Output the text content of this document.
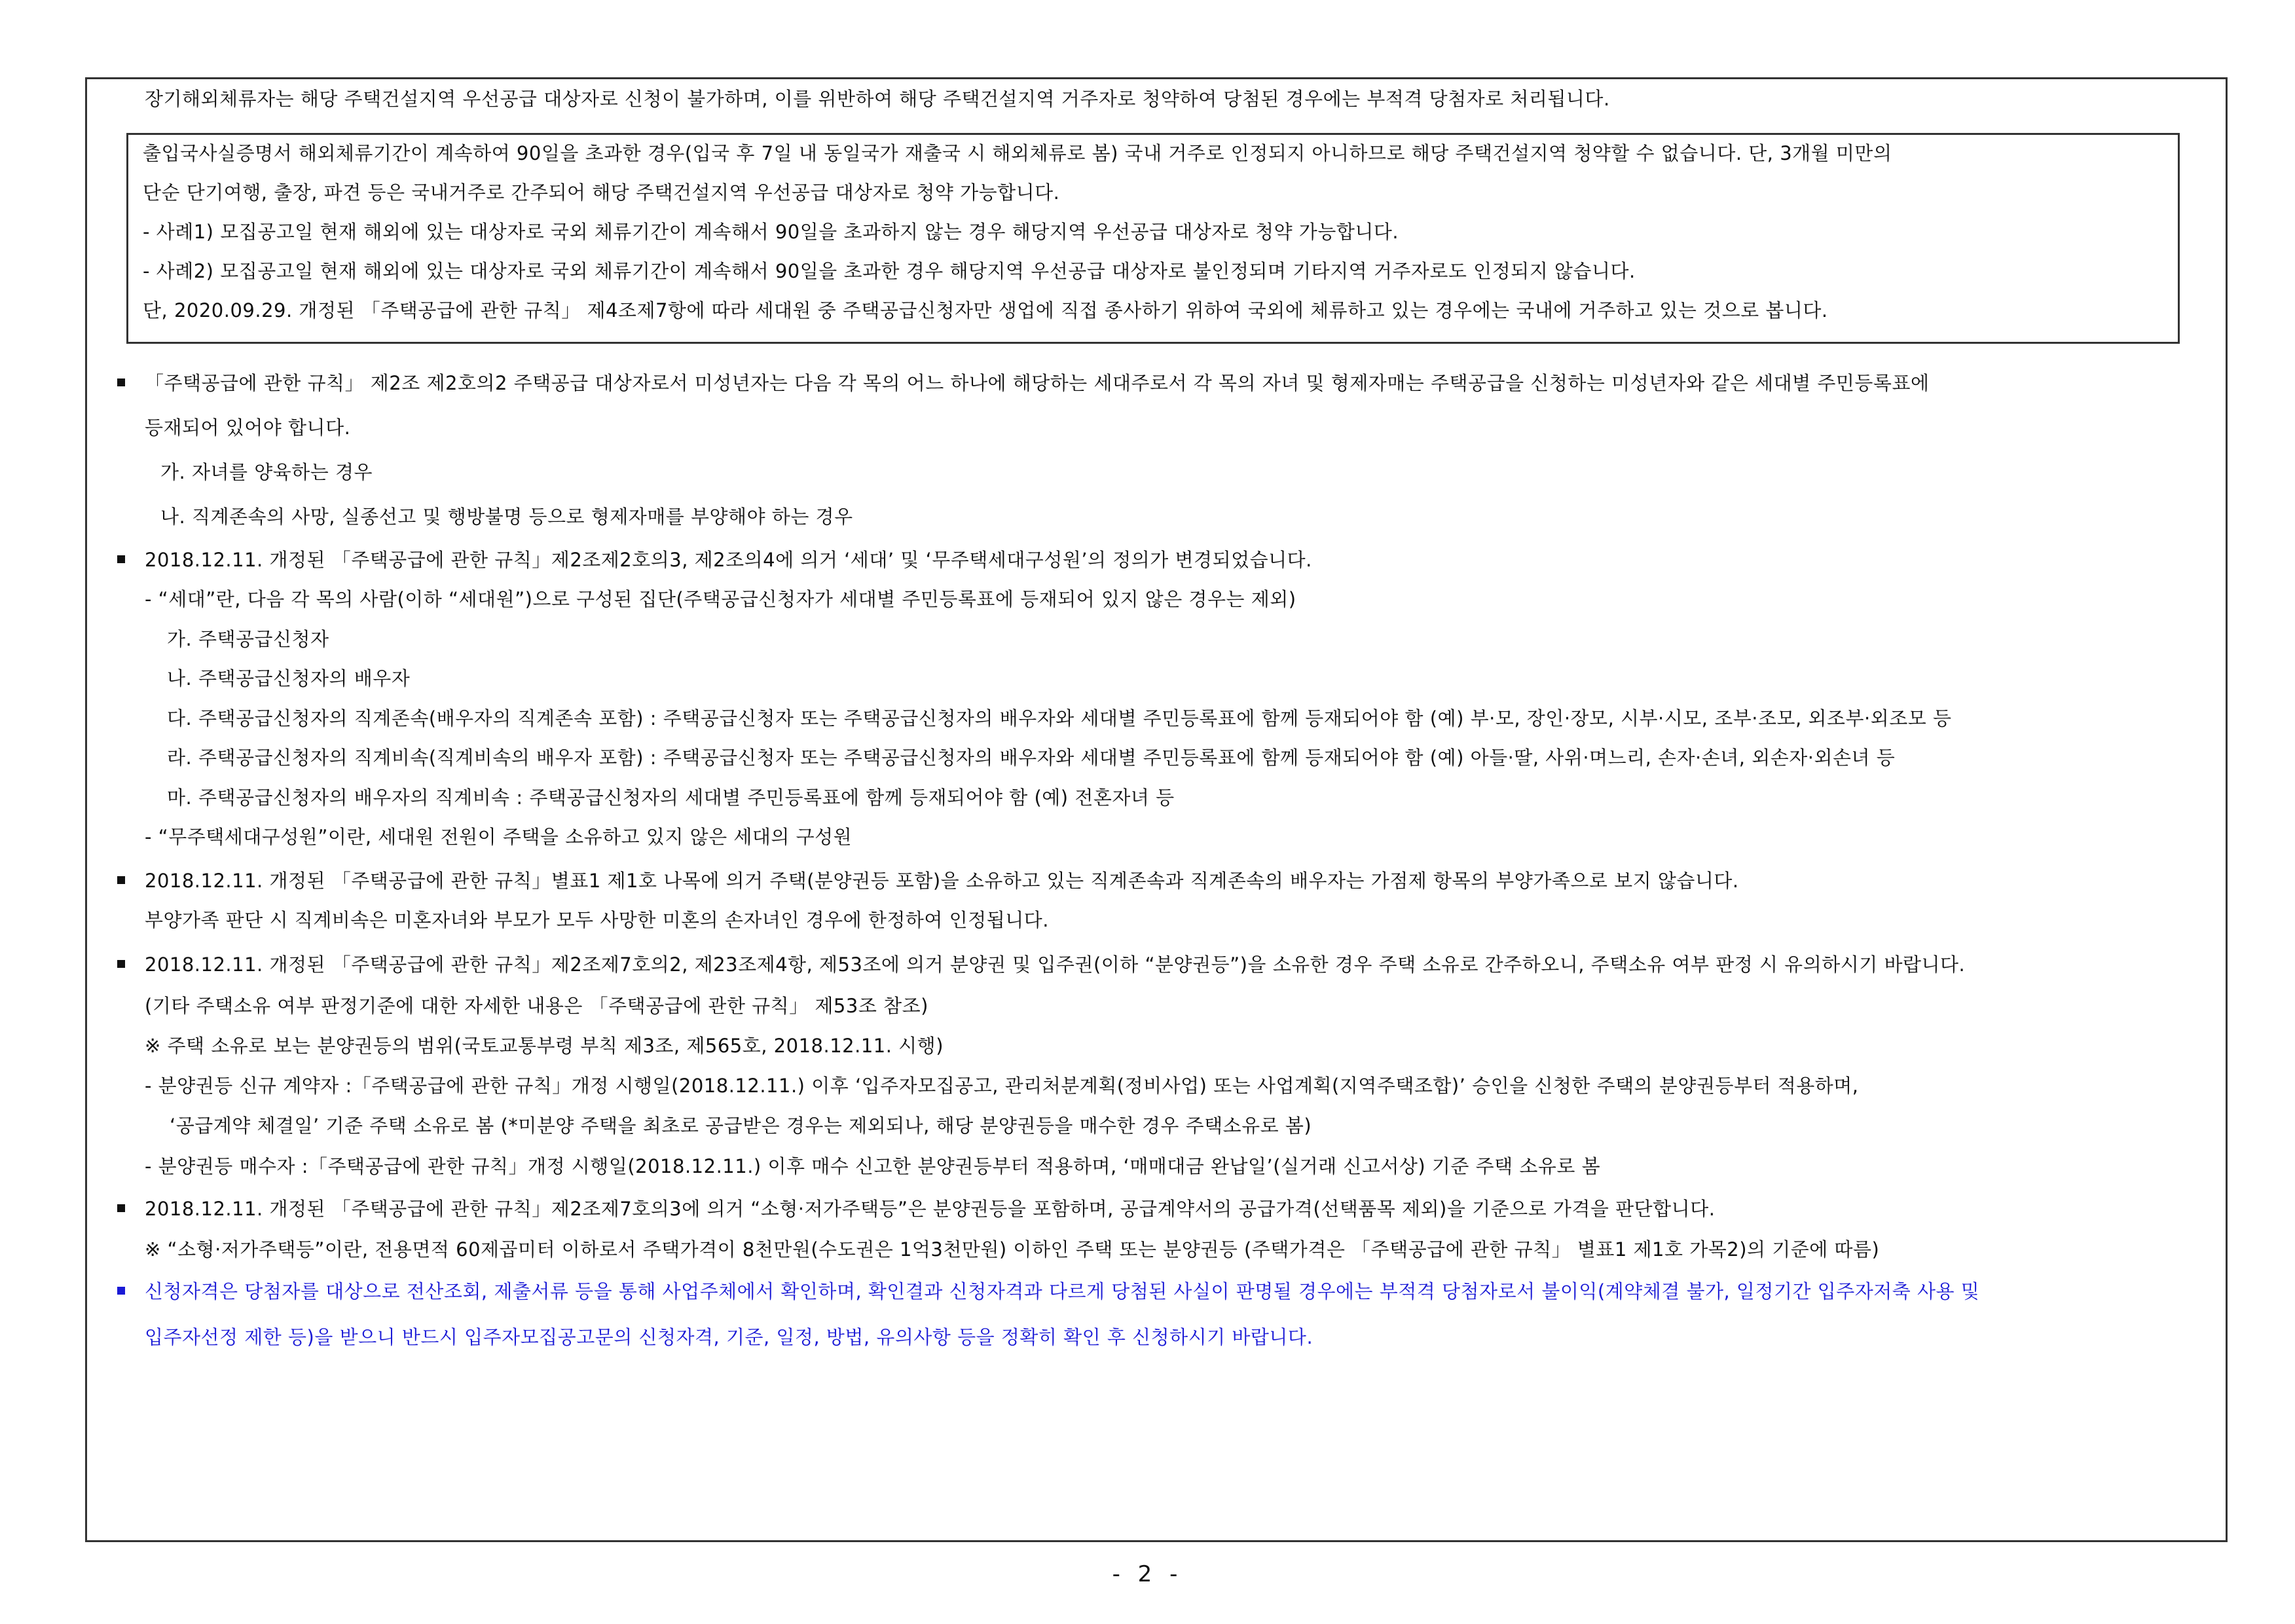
장기해외체류자는 해당 주택건설지역 우선공급 대상자로 신청이 불가하며, 이를 위반하여 해당 주택건설지역 거주자로 청약하여 당첨된 경우에는 부적격 당첨자로 처리됩니다.
출입국사실증명서 해외체류기간이 계속하여 90일을 초과한 경우(입국 후 7일 내 동일국가 재출국 시 해외체류로 봄) 국내 거주로 인정되지 아니하므로 해당 주택건설지역 청약할 수 없습니다. 단, 3개월 미만의
단순 단기여행, 출장, 파견 등은 국내거주로 간주되어 해당 주택건설지역 우선공급 대상자로 청약 가능합니다.
- 사례1) 모집공고일 현재 해외에 있는 대상자로 국외 체류기간이 계속해서 90일을 초과하지 않는 경우 해당지역 우선공급 대상자로 청약 가능합니다.
- 사례2) 모집공고일 현재 해외에 있는 대상자로 국외 체류기간이 계속해서 90일을 초과한 경우 해당지역 우선공급 대상자로 불인정되며 기타지역 거주자로도 인정되지 않습니다.
단, 2020.09.29. 개정된 「주택공급에 관한 규칙」 제4조제7항에 따라 세대원 중 주택공급신청자만 생업에 직접 종사하기 위하여 국외에 체류하고 있는 경우에는 국내에 거주하고 있는 것으로 봅니다.
「주택공급에 관한 규칙」 제2조 제2호의2 주택공급 대상자로서 미성년자는 다음 각 목의 어느 하나에 해당하는 세대주로서 각 목의 자녀 및 형제자매는 주택공급을 신청하는 미성년자와 같은 세대별 주민등록표에
등재되어 있어야 합니다.
가. 자녀를 양육하는 경우
나. 직계존속의 사망, 실종선고 및 행방불명 등으로 형제자매를 부양해야 하는 경우
2018.12.11. 개정된 「주택공급에 관한 규칙」제2조제2호의3, 제2조의4에 의거 ‘세대’ 및 ‘무주택세대구성원’의 정의가 변경되었습니다.
- “세대”란, 다음 각 목의 사람(이하 “세대원”)으로 구성된 집단(주택공급신청자가 세대별 주민등록표에 등재되어 있지 않은 경우는 제외)
가. 주택공급신청자
나. 주택공급신청자의 배우자
다. 주택공급신청자의 직계존속(배우자의 직계존속 포함) : 주택공급신청자 또는 주택공급신청자의 배우자와 세대별 주민등록표에 함께 등재되어야 함 (예) 부·모, 장인·장모, 시부·시모, 조부·조모, 외조부·외조모 등
라. 주택공급신청자의 직계비속(직계비속의 배우자 포함) : 주택공급신청자 또는 주택공급신청자의 배우자와 세대별 주민등록표에 함께 등재되어야 함 (예) 아들·딸, 사위·며느리, 손자·손녀, 외손자·외손녀 등
마. 주택공급신청자의 배우자의 직계비속 : 주택공급신청자의 세대별 주민등록표에 함께 등재되어야 함 (예) 전혼자녀 등
- “무주택세대구성원”이란, 세대원 전원이 주택을 소유하고 있지 않은 세대의 구성원
2018.12.11. 개정된 「주택공급에 관한 규칙」별표1 제1호 나목에 의거 주택(분양권등 포함)을 소유하고 있는 직계존속과 직계존속의 배우자는 가점제 항목의 부양가족으로 보지 않습니다.
부양가족 판단 시 직계비속은 미혼자녀와 부모가 모두 사망한 미혼의 손자녀인 경우에 한정하여 인정됩니다.
2018.12.11. 개정된 「주택공급에 관한 규칙」제2조제7호의2, 제23조제4항, 제53조에 의거 분양권 및 입주권(이하 “분양권등”)을 소유한 경우 주택 소유로 간주하오니, 주택소유 여부 판정 시 유의하시기 바랍니다.
(기타 주택소유 여부 판정기준에 대한 자세한 내용은 「주택공급에 관한 규칙」 제53조 참조)
※ 주택 소유로 보는 분양권등의 범위(국토교통부령 부칙 제3조, 제565호, 2018.12.11. 시행)
- 분양권등 신규 계약자 :「주택공급에 관한 규칙」개정 시행일(2018.12.11.) 이후 ‘입주자모집공고, 관리처분계획(정비사업) 또는 사업계획(지역주택조합)’ 승인을 신청한 주택의 분양권등부터 적용하며,
‘공급계약 체결일’ 기준 주택 소유로 봄 (*미분양 주택을 최초로 공급받은 경우는 제외되나, 해당 분양권등을 매수한 경우 주택소유로 봄)
- 분양권등 매수자 :「주택공급에 관한 규칙」개정 시행일(2018.12.11.) 이후 매수 신고한 분양권등부터 적용하며, ‘매매대금 완납일’(실거래 신고서상) 기준 주택 소유로 봄
2018.12.11. 개정된 「주택공급에 관한 규칙」제2조제7호의3에 의거 “소형·저가주택등”은 분양권등을 포함하며, 공급계약서의 공급가격(선택품목 제외)을 기준으로 가격을 판단합니다.
※ “소형·저가주택등”이란, 전용면적 60제곱미터 이하로서 주택가격이 8천만원(수도권은 1억3천만원) 이하인 주택 또는 분양권등 (주택가격은 「주택공급에 관한 규칙」 별표1 제1호 가목2)의 기준에 따름)
신청자격은 당첨자를 대상으로 전산조회, 제출서류 등을 통해 사업주체에서 확인하며, 확인결과 신청자격과 다르게 당첨된 사실이 판명될 경우에는 부적격 당첨자로서 불이익(계약체결 불가, 일정기간 입주자저축 사용 및
입주자선정 제한 등)을 받으니 반드시 입주자모집공고문의 신청자격, 기준, 일정, 방법, 유의사항 등을 정확히 확인 후 신청하시기 바랍니다.
- 2 -
